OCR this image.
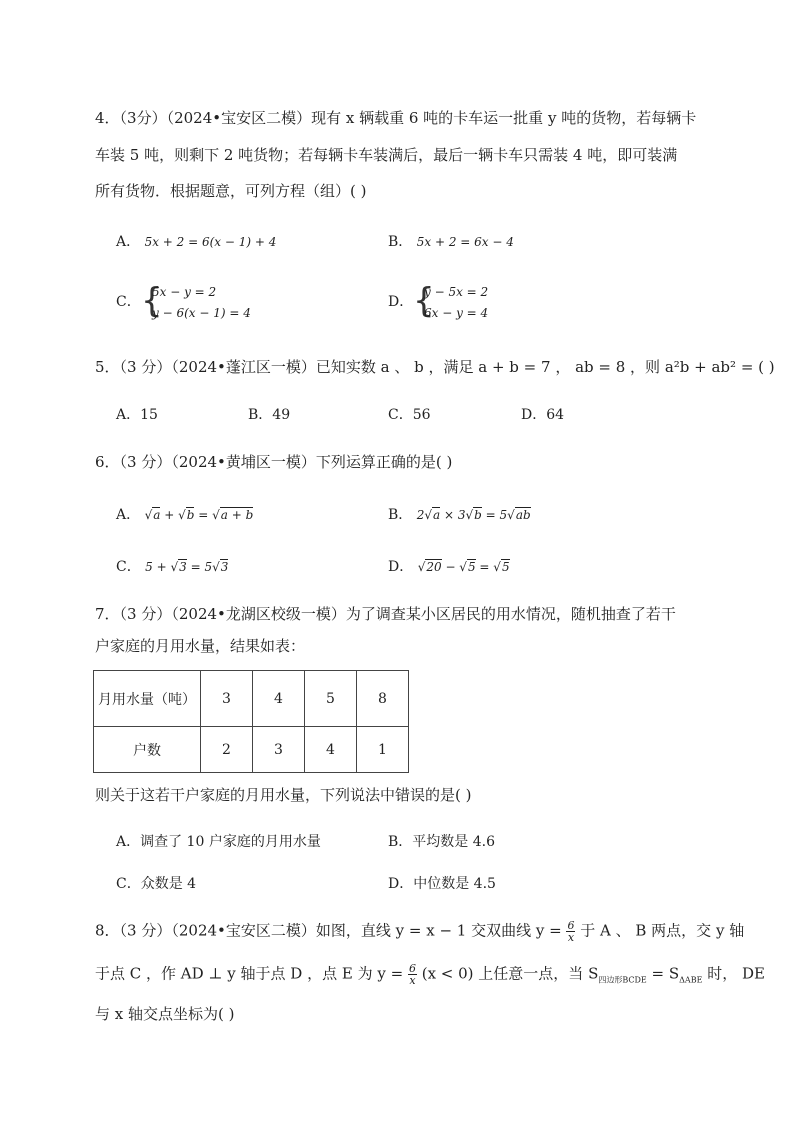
4．（3分）（2024•宝安区二模）现有 x 辆载重 6 吨的卡车运一批重 y 吨的货物，若每辆卡
车装 5 吨，则剩下 2 吨货物；若每辆卡车装满后，最后一辆卡车只需装 4 吨，即可装满
所有货物．根据题意，可列方程（组）( )
A． 5x + 2 = 6(x − 1) + 4	B． 5x + 2 = 6x − 4
C． {
5x − y = 2
y − 6(x − 1) = 4
D． {
y − 5x = 2
6x − y = 4
5．（3 分）（2024•蓬江区一模）已知实数 a 、 b ，满足 a + b = 7 ， ab = 8 ，则 a²b + ab² = ( )
A．15	B．49	C．56	D．64
6．（3 分）（2024•黄埔区一模）下列运算正确的是( )
A． √a + √b = √a + b	B． 2√a × 3√b = 5√ab
C． 5 + √3 = 5√3	D． √20 − √5 = √5
7．（3 分）（2024•龙湖区校级一模）为了调查某小区居民的用水情况，随机抽查了若干
户家庭的月用水量，结果如表：
月用水量（吨）	3	4	5	8
户数	2	3	4	1
则关于这若干户家庭的月用水量，下列说法中错误的是( )
A．调查了 10 户家庭的月用水量	B．平均数是 4.6
C．众数是 4	D．中位数是 4.5
8．（3 分）（2024•宝安区二模）如图，直线 y = x − 1 交双曲线 $y = \frac{6}{x}$ 于 A 、 B 两点，交 y 轴
于点 C ，作 AD ⊥ y 轴于点 D ，点 E 为 $y = \frac{6}{x} (x < 0)$ 上任意一点，当 $S_{四边形BCDE} = S_{\Delta ABE}$ 时， DE
与 x 轴交点坐标为( )
